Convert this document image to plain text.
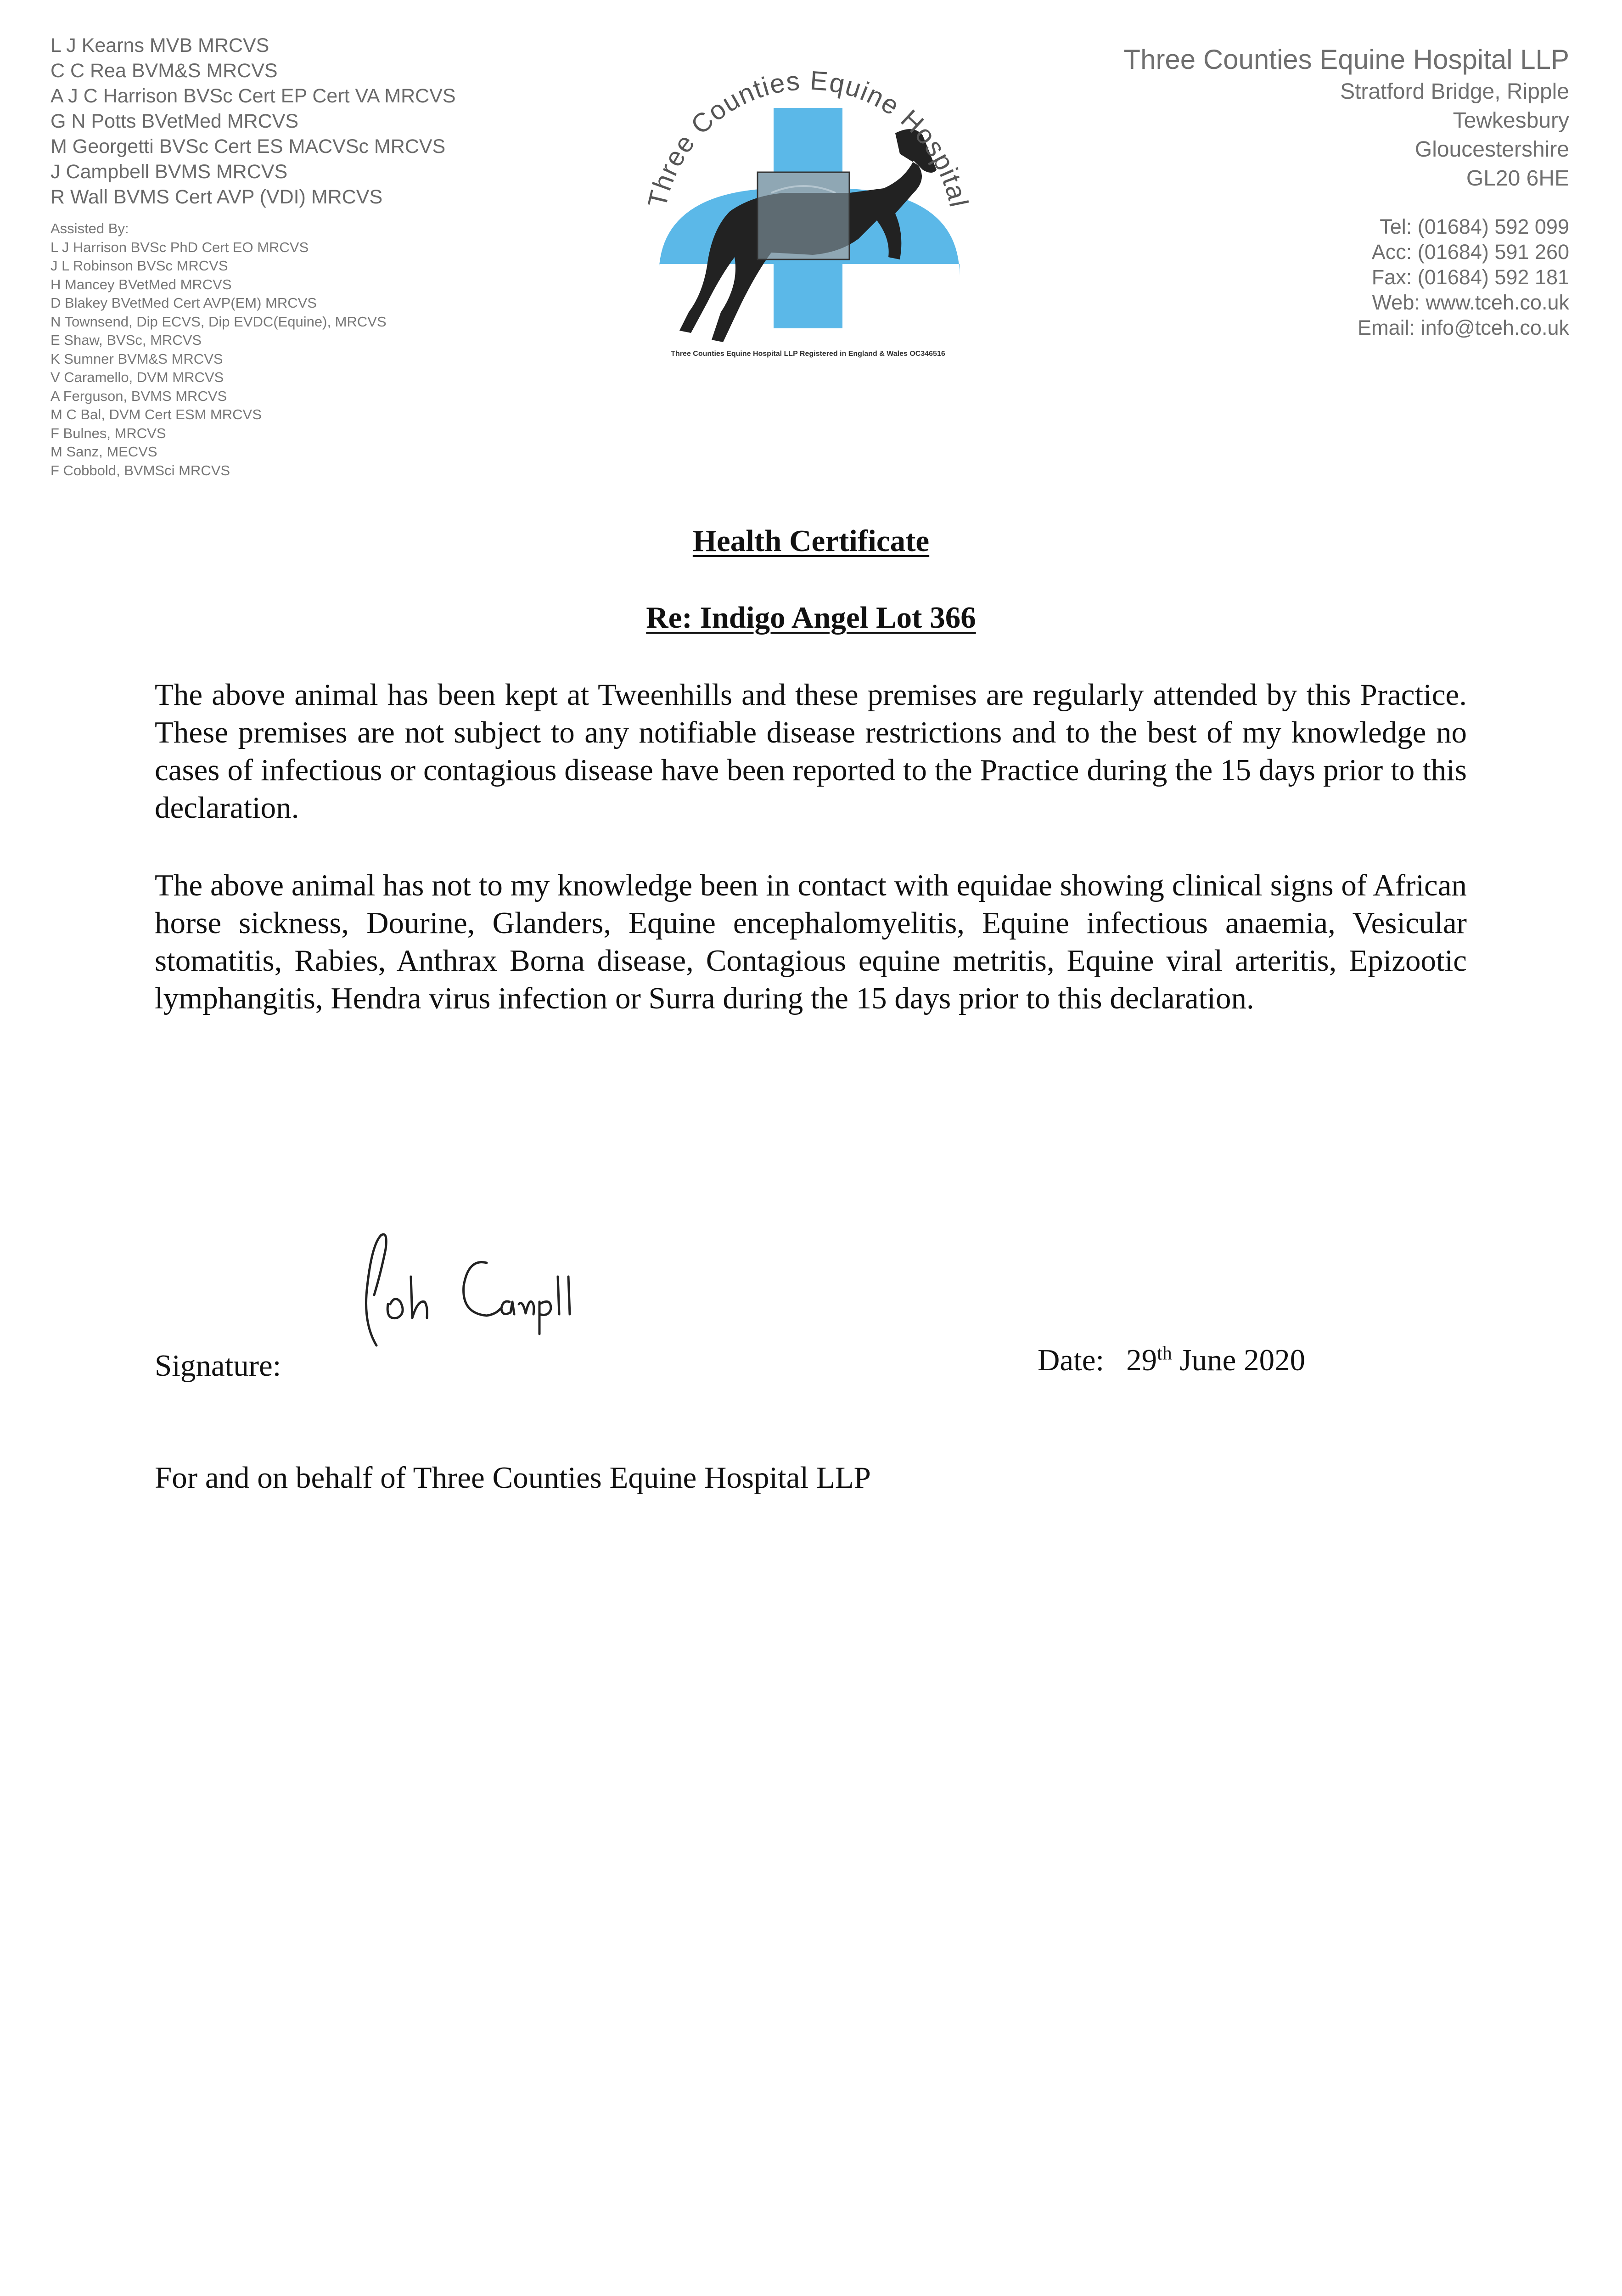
L J Kearns MVB MRCVS
C C Rea BVM&S MRCVS
A J C Harrison BVSc Cert EP Cert VA MRCVS
G N Potts BVetMed MRCVS
M Georgetti BVSc Cert ES MACVSc MRCVS
J Campbell BVMS MRCVS
R Wall BVMS Cert AVP (VDI) MRCVS
Assisted By:
L J Harrison BVSc PhD Cert EO MRCVS
J L Robinson BVSc MRCVS
H Mancey BVetMed MRCVS
D Blakey BVetMed Cert AVP(EM) MRCVS
N Townsend, Dip ECVS, Dip EVDC(Equine), MRCVS
E Shaw, BVSc, MRCVS
K Sumner BVM&S MRCVS
V Caramello, DVM MRCVS
A Ferguson, BVMS MRCVS
M C Bal, DVM Cert ESM MRCVS
F Bulnes, MRCVS
M Sanz, MECVS
F Cobbold, BVMSci MRCVS
Three Counties Equine Hospital
Three Counties Equine Hospital LLP Registered in England & Wales OC346516
Three Counties Equine Hospital LLP
Stratford Bridge, Ripple
Tewkesbury
Gloucestershire
GL20 6HE
Tel: (01684) 592 099
Acc: (01684) 591 260
Fax: (01684) 592 181
Web: www.tceh.co.uk
Email: info@tceh.co.uk
Health Certificate
Re: Indigo Angel Lot 366

The above animal has been kept at Tweenhills and these premises are regularly attended by this Practice. These premises are not subject to any notifiable disease restrictions and to the best of my knowledge no cases of infectious or contagious disease have been reported to the Practice during the 15 days prior to this declaration.

The above animal has not to my knowledge been in contact with equidae showing clinical signs of African horse sickness, Dourine, Glanders, Equine encephalomyelitis, Equine infectious anaemia, Vesicular stomatitis, Rabies, Anthrax Borna disease, Contagious equine metritis, Equine viral arteritis, Epizootic lymphangitis, Hendra virus infection or Surra during the 15 days prior to this declaration.

Signature:	Date: 29th June 2020
For and on behalf of Three Counties Equine Hospital LLP
